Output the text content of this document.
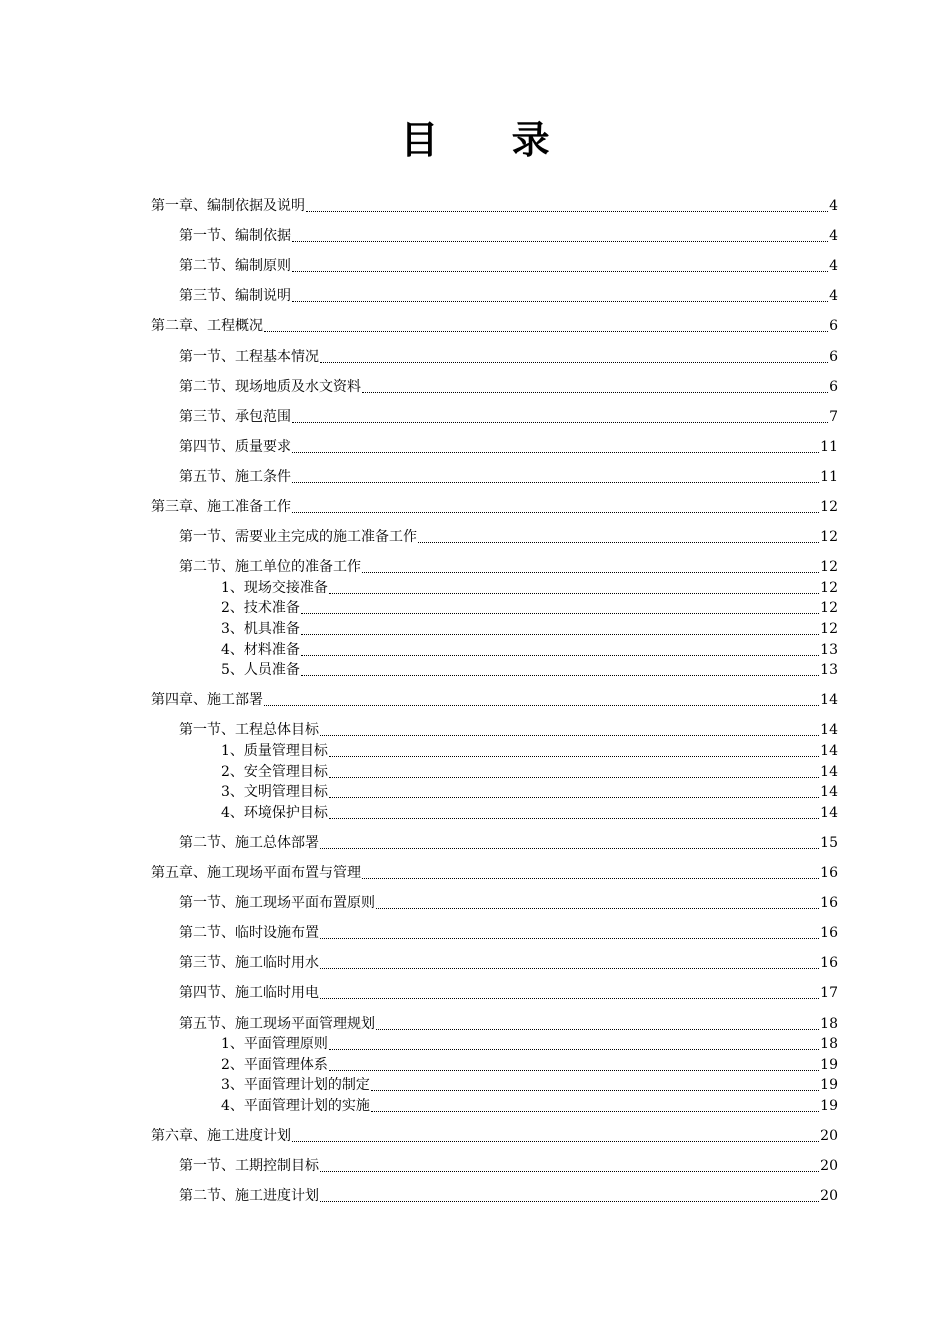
目 录
第一章、编制依据及说明	4
第一节、编制依据	4
第二节、编制原则	4
第三节、编制说明	4
第二章、工程概况	6
第一节、工程基本情况	6
第二节、现场地质及水文资料	6
第三节、承包范围	7
第四节、质量要求	11
第五节、施工条件	11
第三章、施工准备工作	12
第一节、需要业主完成的施工准备工作	12
第二节、施工单位的准备工作	12
1、现场交接准备	12
2、技术准备	12
3、机具准备	12
4、材料准备	13
5、人员准备	13
第四章、施工部署	14
第一节、工程总体目标	14
1、质量管理目标	14
2、安全管理目标	14
3、文明管理目标	14
4、环境保护目标	14
第二节、施工总体部署	15
第五章、施工现场平面布置与管理	16
第一节、施工现场平面布置原则	16
第二节、临时设施布置	16
第三节、施工临时用水	16
第四节、施工临时用电	17
第五节、施工现场平面管理规划	18
1、平面管理原则	18
2、平面管理体系	19
3、平面管理计划的制定	19
4、平面管理计划的实施	19
第六章、施工进度计划	20
第一节、工期控制目标	20
第二节、施工进度计划	20
